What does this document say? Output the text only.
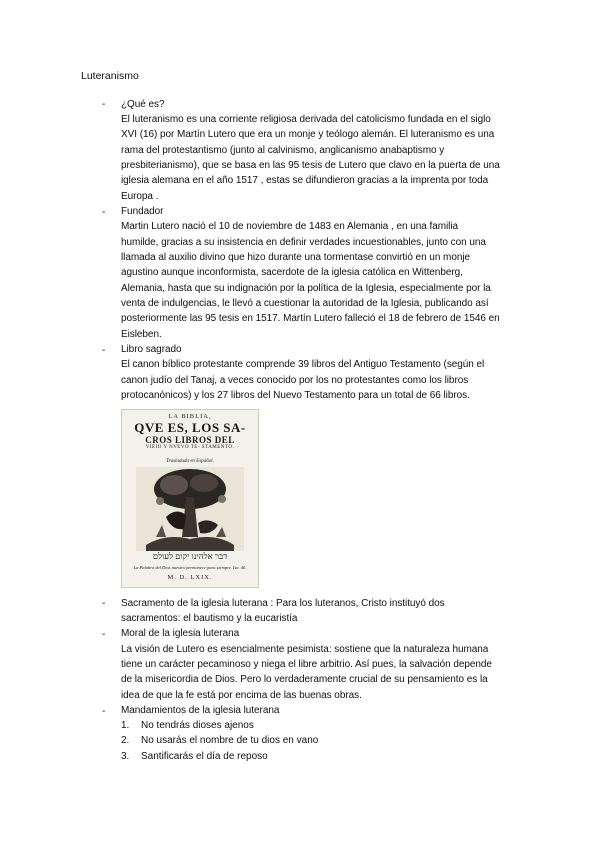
Luteranismo
- ¿Qué es?
El luteranismo es una corriente religiosa derivada del catolicismo fundada en el siglo
XVI (16) por Martín Lutero que era un monje y teólogo alemán. El luteranismo es una
rama del protestantismo (junto al calvinismo, anglicanismo anabaptismo y
presbiterianismo), que se basa en las 95 tesis de Lutero que clavo en la puerta de una
iglesia alemana en el año 1517 , estas se difundieron gracias a la imprenta por toda
Europa .
- Fundador
Martin Lutero nació el 10 de noviembre de 1483 en Alemania , en una familia
humilde, gracias a su insistencia en definir verdades incuestionables, junto con una
llamada al auxilio divino que hizo durante una tormentase convirtió en un monje
agustino aunque inconformista, sacerdote de la iglesia católica en Wittenberg,
Alemania, hasta que su indignación por la política de la Iglesia, especialmente por la
venta de indulgencias, le llevó a cuestionar la autoridad de la Iglesia, publicando así
posteriormente las 95 tesis en 1517. Martín Lutero falleció el 18 de febrero de 1546 en
Eisleben.
- Libro sagrado
El canon bíblico protestante comprende 39 libros del Antiguo Testamento (según el
canon judío del Tanaj, a veces conocido por los no protestantes como los libros
protocanónicos) y los 27 libros del Nuevo Testamento para un total de 66 libros.
LA BIBLIA,
QVE ES, LOS SA-
CROS LIBROS DEL
VIEIO Y NVEVO TE- STAMENTO.
Trasladada en Español.
דבר אלהינו יקום לעולם
La Palabra del Dios nuestro permanece para siempre. Isa. 40.
M. D. LXIX.
- Sacramento de la iglesia luterana : Para los luteranos, Cristo instituyó dos
sacramentos: el bautismo y la eucaristía
- Moral de la iglesia luterana
La visión de Lutero es esencialmente pesimista: sostiene que la naturaleza humana
tiene un carácter pecaminoso y niega el libre arbitrio. Así pues, la salvación depende
de la misericordia de Dios. Pero lo verdaderamente crucial de su pensamiento es la
idea de que la fe está por encima de las buenas obras.
- Mandamientos de la iglesia luterana
1. No tendrás dioses ajenos
2. No usarás el nombre de tu dios en vano
3. Santificarás el día de reposo
